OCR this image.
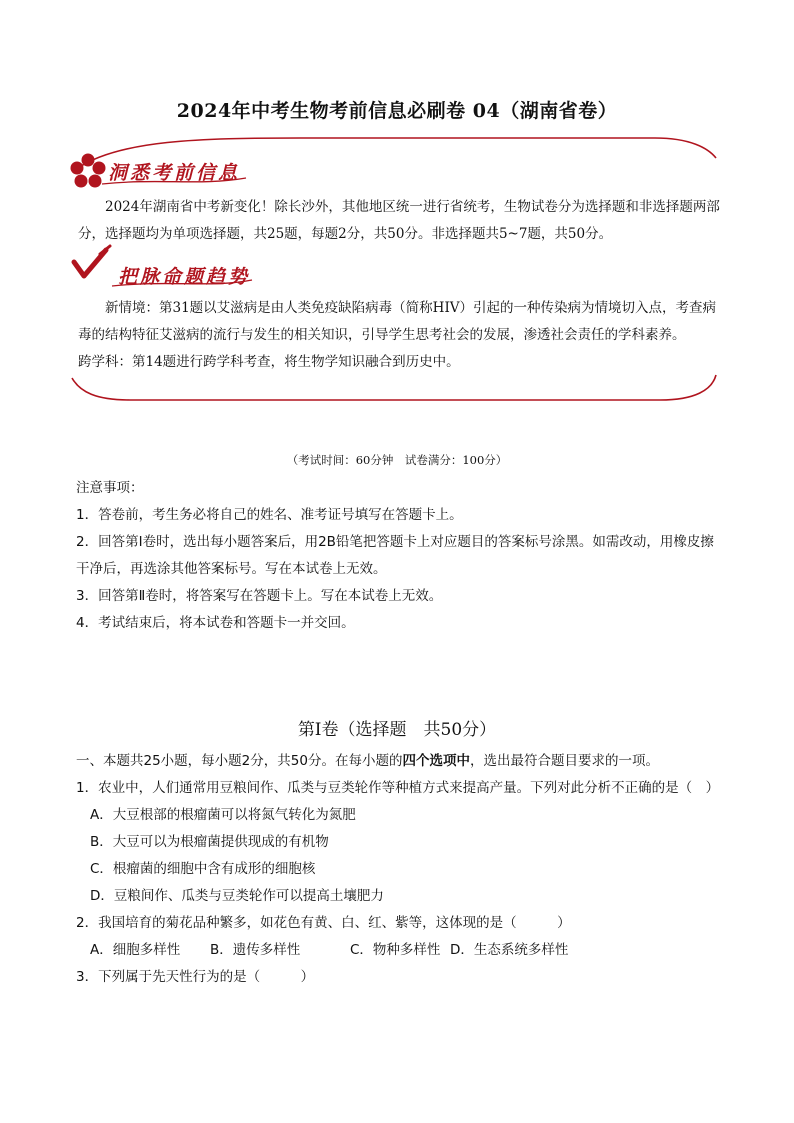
2024年中考生物考前信息必刷卷 04（湖南省卷）
洞悉考前信息
2024年湖南省中考新变化！除长沙外，其他地区统一进行省统考，生物试卷分为选择题和非选择题两部分，选择题均为单项选择题，共25题，每题2分，共50分。非选择题共5~7题，共50分。
把脉命题趋势
新情境：第31题以艾滋病是由人类免疫缺陷病毒（简称HIV）引起的一种传染病为情境切入点，考查病毒的结构特征艾滋病的流行与发生的相关知识，引导学生思考社会的发展，渗透社会责任的学科素养。
跨学科：第14题进行跨学科考查，将生物学知识融合到历史中。
（考试时间：60分钟　试卷满分：100分）
注意事项：
1．答卷前，考生务必将自己的姓名、准考证号填写在答题卡上。
2．回答第Ⅰ卷时，选出每小题答案后，用2B铅笔把答题卡上对应题目的答案标号涂黑。如需改动，用橡皮擦干净后，再选涂其他答案标号。写在本试卷上无效。
3．回答第Ⅱ卷时，将答案写在答题卡上。写在本试卷上无效。
4．考试结束后，将本试卷和答题卡一并交回。
第Ⅰ卷（选择题　共50分）
一、本题共25小题，每小题2分，共50分。在每小题的四个选项中，选出最符合题目要求的一项。
1．农业中，人们通常用豆粮间作、瓜类与豆类轮作等种植方式来提高产量。下列对此分析不正确的是（　）
A．大豆根部的根瘤菌可以将氮气转化为氮肥
B．大豆可以为根瘤菌提供现成的有机物
C．根瘤菌的细胞中含有成形的细胞核
D．豆粮间作、瓜类与豆类轮作可以提高土壤肥力
2．我国培育的菊花品种繁多，如花色有黄、白、红、紫等，这体现的是（　　　）
A．细胞多样性	B．遗传多样性	C．物种多样性 D．生态系统多样性
3．下列属于先天性行为的是（　　　）
